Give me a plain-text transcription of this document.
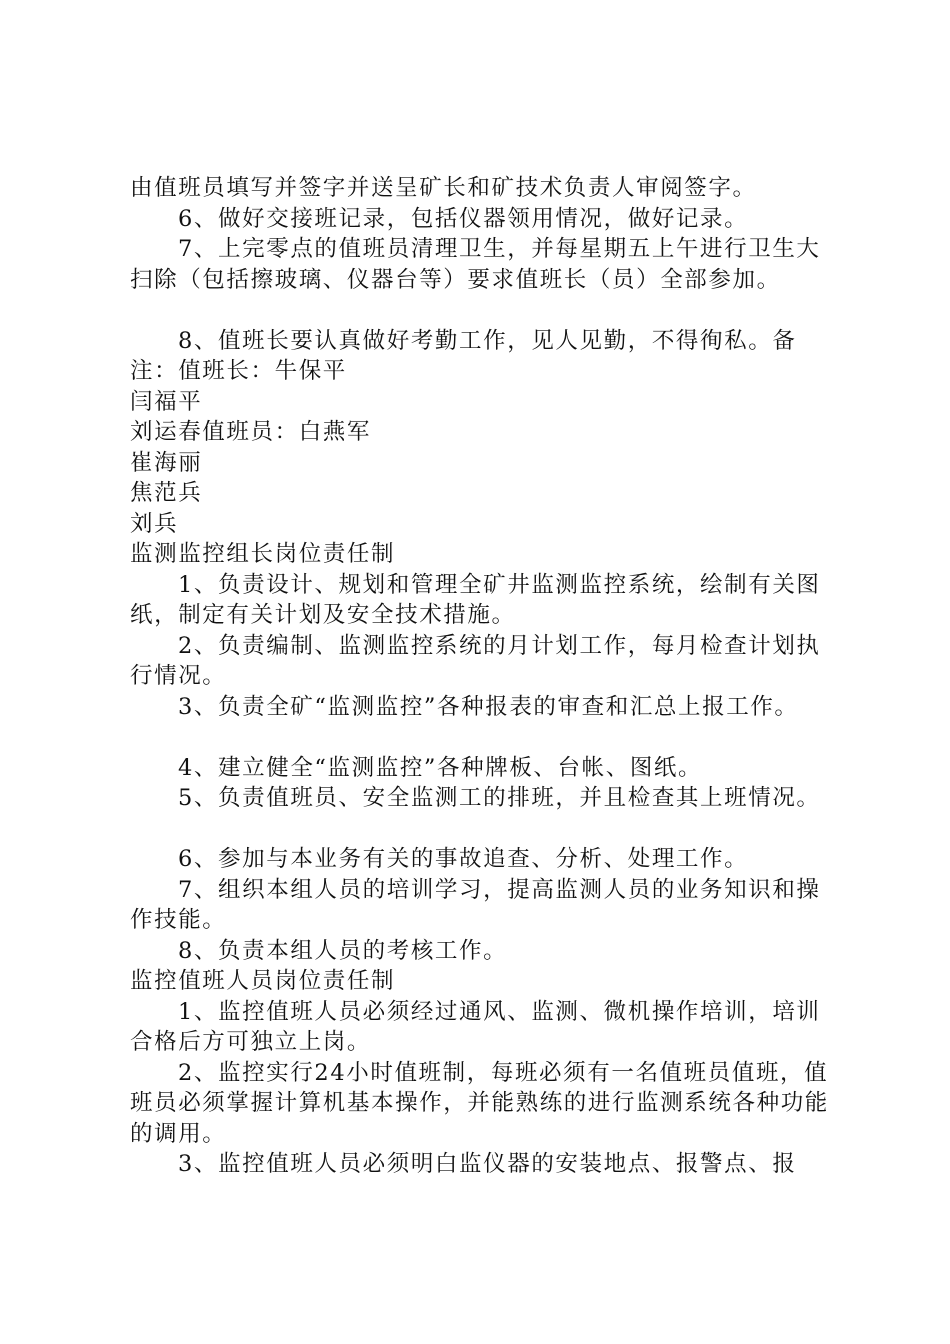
由值班员填写并签字并送呈矿长和矿技术负责人审阅签字。

6、做好交接班记录，包括仪器领用情况，做好记录。

7、上完零点的值班员清理卫生，并每星期五上午进行卫生大扫除（包括擦玻璃、仪器台等）要求值班长（员）全部参加。

8、值班长要认真做好考勤工作，见人见勤，不得徇私。备注：值班长：牛保平

闫福平

刘运春值班员：白燕军

崔海丽

焦范兵

刘兵

监测监控组长岗位责任制

1、负责设计、规划和管理全矿井监测监控系统，绘制有关图纸，制定有关计划及安全技术措施。

2、负责编制、监测监控系统的月计划工作，每月检查计划执行情况。

3、负责全矿“监测监控”各种报表的审查和汇总上报工作。

4、建立健全“监测监控”各种牌板、台帐、图纸。

5、负责值班员、安全监测工的排班，并且检查其上班情况。

6、参加与本业务有关的事故追查、分析、处理工作。

7、组织本组人员的培训学习，提高监测人员的业务知识和操作技能。

8、负责本组人员的考核工作。

监控值班人员岗位责任制

1、监控值班人员必须经过通风、监测、微机操作培训，培训合格后方可独立上岗。

2、监控实行24小时值班制，每班必须有一名值班员值班，值班员必须掌握计算机基本操作，并能熟练的进行监测系统各种功能的调用。

3、监控值班人员必须明白监仪器的安装地点、报警点、报
